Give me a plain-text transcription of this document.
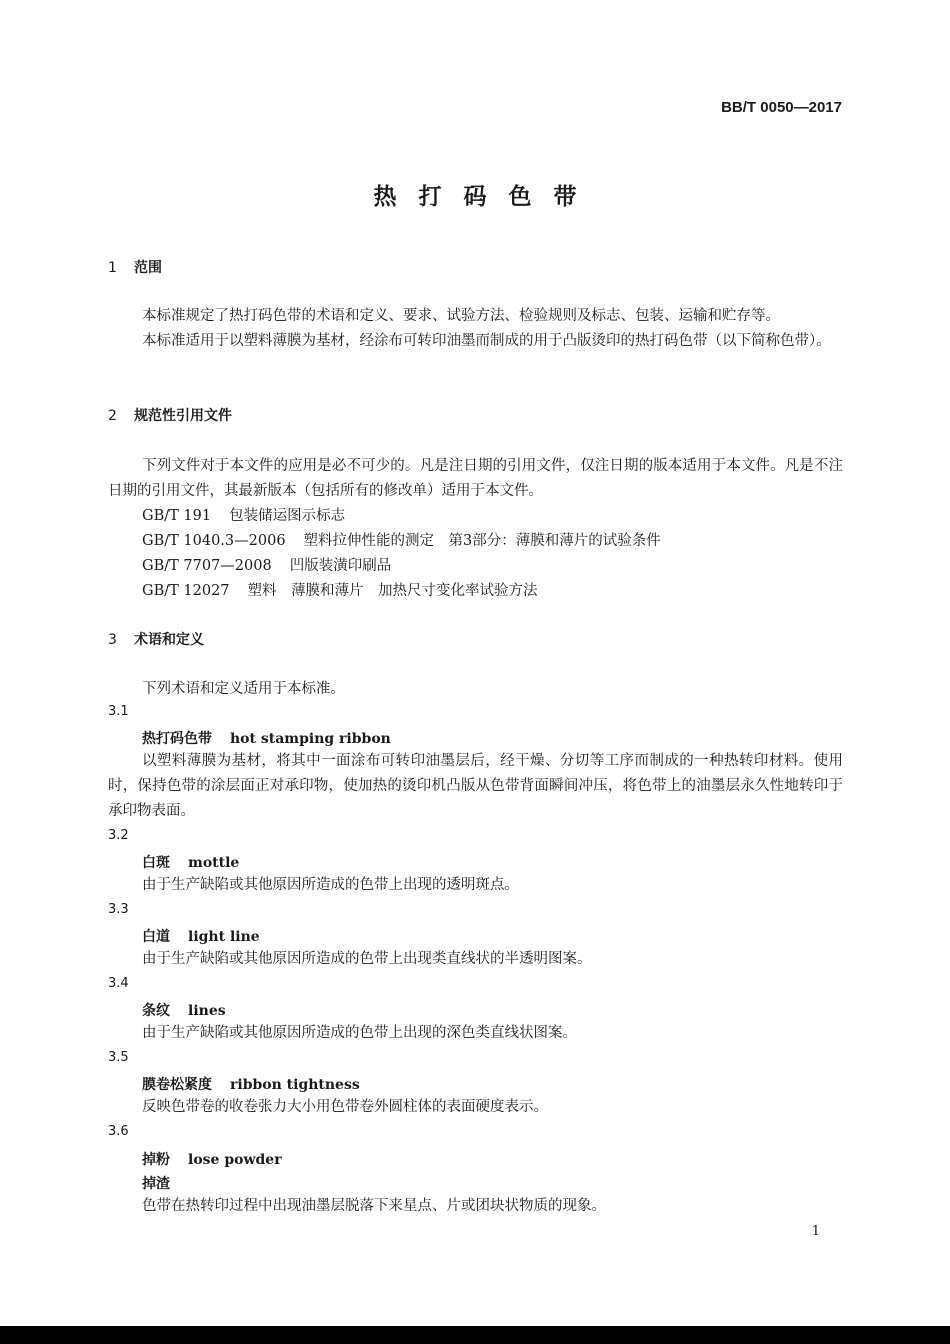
BB/T 0050—2017
热打码色带
1 范围
本标准规定了热打码色带的术语和定义、要求、试验方法、检验规则及标志、包装、运输和贮存等。
本标准适用于以塑料薄膜为基材，经涂布可转印油墨而制成的用于凸版烫印的热打码色带（以下简称色带）。
2 规范性引用文件
下列文件对于本文件的应用是必不可少的。凡是注日期的引用文件，仅注日期的版本适用于本文件。凡是不注日期的引用文件，其最新版本（包括所有的修改单）适用于本文件。
GB/T 191 包装储运图示标志
GB/T 1040.3—2006 塑料拉伸性能的测定　第3部分：薄膜和薄片的试验条件
GB/T 7707—2008 凹版装潢印刷品
GB/T 12027 塑料　薄膜和薄片　加热尺寸变化率试验方法
3 术语和定义
下列术语和定义适用于本标准。
3.1
热打码色带 hot stamping ribbon
以塑料薄膜为基材，将其中一面涂布可转印油墨层后，经干燥、分切等工序而制成的一种热转印材料。使用时，保持色带的涂层面正对承印物，使加热的烫印机凸版从色带背面瞬间冲压，将色带上的油墨层永久性地转印于承印物表面。
3.2
白斑 mottle
由于生产缺陷或其他原因所造成的色带上出现的透明斑点。
3.3
白道 light line
由于生产缺陷或其他原因所造成的色带上出现类直线状的半透明图案。
3.4
条纹 lines
由于生产缺陷或其他原因所造成的色带上出现的深色类直线状图案。
3.5
膜卷松紧度 ribbon tightness
反映色带卷的收卷张力大小用色带卷外圆柱体的表面硬度表示。
3.6
掉粉 lose powder
掉渣
色带在热转印过程中出现油墨层脱落下来星点、片或团块状物质的现象。
1
